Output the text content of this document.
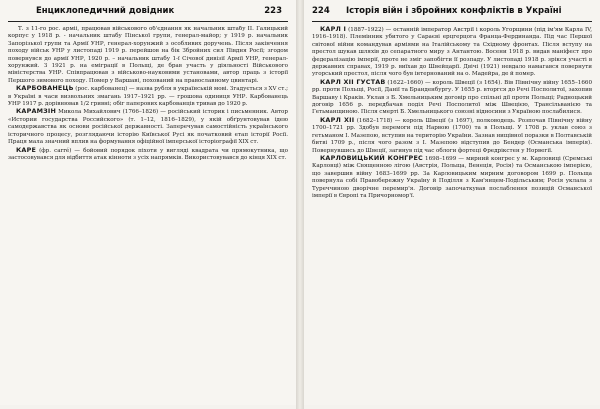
Енциклопедичний довідник	223

Т. з 11-го рос. арміі, працював військового об'єднання як начальник штабу ІІ. Галицький корпус у 1918 р. - начальник штабу Пінської групи, генерал-майор; у 1919 р. начальник Запорізької групи та Армії УНР, генерал-хорунжий з особливих доручень. Після закінчення походу військ УНР у листопаді 1919 р. перейшов на бік Збройних сил Півдня Росії; згодом повернувся до армії УНР, 1920 р. – начальник штабу 1-ї Січової дивізії Армії УНР, генерал-хорунжий. З 1921 р. на еміграції в Польщі, де брав участь у діяльності Військового міністерства УНР. Співпрацював з військово-науковими установами, автор праць з історії Першого зимового походу. Помер у Варшаві, похований на православному цвинтарі.

КАРБОВАНЕЦЬ (рос. карбованец) — назва рубля в українській мові. Згадується з XV ст.; в Україні в часи визвольних змагань 1917–1921 рр. — грошова одиниця УНР. Карбованець УНР 1917 р. дорівнював 1/2 гривні; обіг паперових карбованців тривав до 1920 р.

КАРАМЗІН Микола Михайлович (1766–1826) — російський історик і письменник. Автор «Истории государства Российского» (т. 1–12, 1816–1829), у якій обґрунтовував ідею самодержавства як основи російської державності. Заперечував самостійність українського історичного процесу, розглядаючи історію Київської Русі як початковий етап історії Росії. Праця мала значний вплив на формування офіційної імперської історіографії XIX ст.

КАРЕ (фр. carré) — бойовий порядок піхоти у вигляді квадрата чи прямокутника, що застосовувався для відбиття атак кінноти з усіх напрямків. Використовувався до кінця XIX ст.

224 Історія війн і збройних конфліктів в Україні

КАРЛ I (1887–1922) — останній імператор Австрії і король Угорщини (під ім'ям Карла IV, 1916–1918). Племінник убитого у Сараєві ерцгерцога Франца-Фердинанда. Під час Першої світової війни командував арміями на Італійському та Східному фронтах. Після вступу на престол шукав шляхів до сепаратного миру з Антантою. Восени 1918 р. видав маніфест про федералізацію імперії, проте не зміг запобігти її розпаду. У листопаді 1918 р. зрікся участі в державних справах, 1919 р. виїхав до Швейцарії. Двічі (1921) невдало намагався повернути угорський престол, після чого був інтернований на о. Мадейра, де й помер.

КАРЛ XII ГУСТАВ (1622–1660) — король Швеції (з 1654). Вів Північну війну 1655–1660 рр. проти Польщі, Росії, Данії та Бранденбургу. У 1655 р. вторгся до Речі Посполитої, захопив Варшаву і Краків. Уклав з Б. Хмельницьким договір про спільні дії проти Польщі; Радноцький договір 1656 р. передбачав поділ Речі Посполитої між Швецією, Трансільванією та Гетьманщиною. Після смерті Б. Хмельницького союзні відносини з Україною послабилися.

КАРЛ XII (1682–1718) — король Швеції (з 1697), полководець. Розпочав Північну війну 1700–1721 рр. Здобув перемоги під Нарвою (1700) та в Польщі. У 1708 р. уклав союз з гетьманом І. Мазепою, вступив на територію України. Зазнав нищівної поразки в Полтавській битві 1709 р., після чого разом з І. Мазепою відступив до Бендер (Османська імперія). Повернувшись до Швеції, загинув під час облоги фортеці Фредрікстен у Норвегії.

КАРЛОВИЦЬКИЙ КОНГРЕС 1698–1699 — мирний конгрес у м. Карловиці (Сремські Карловці) між Священною лігою (Австрія, Польща, Венеція, Росія) та Османською імперією, що завершив війну 1683–1699 рр. За Карловицьким мирним договором 1699 р. Польща повернула собі Правобережну Україну й Поділля з Кам'янцем-Подільським; Росія уклала з Туреччиною дворічне перемир'я. Договір започаткував послаблення позицій Османської імперії в Європі та Причорномор'ї.
